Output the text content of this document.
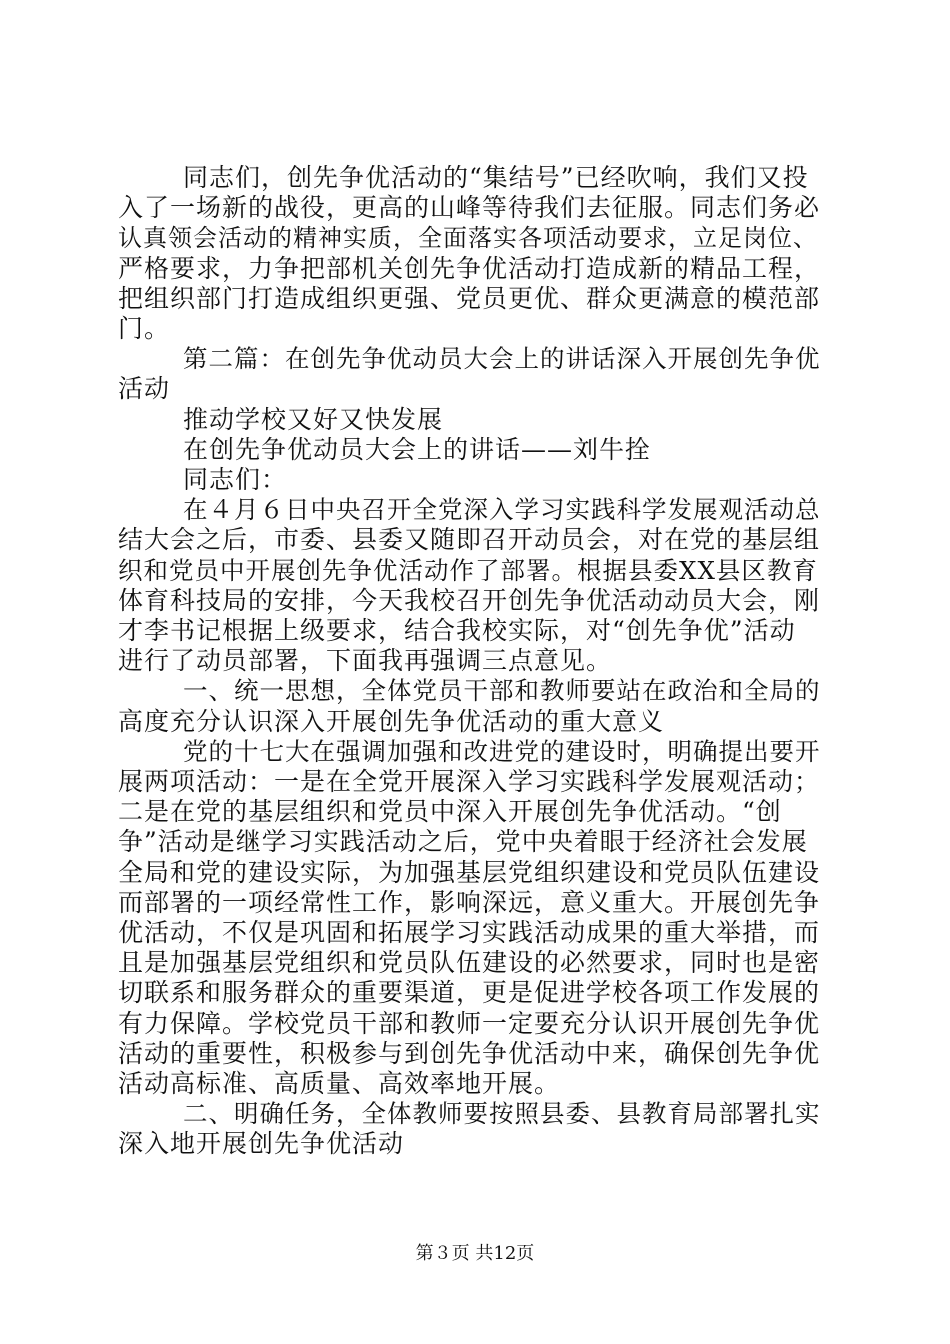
第３页 共12页
同志们，创先争优活动的“集结号”已经吹响，我们又投
入了一场新的战役，更高的山峰等待我们去征服。同志们务必
认真领会活动的精神实质，全面落实各项活动要求，立足岗位、
严格要求，力争把部机关创先争优活动打造成新的精品工程，
把组织部门打造成组织更强、党员更优、群众更满意的模范部
门。
第二篇：在创先争优动员大会上的讲话深入开展创先争优
活动
推动学校又好又快发展
在创先争优动员大会上的讲话——刘牛拴
同志们：
在４月６日中央召开全党深入学习实践科学发展观活动总
结大会之后，市委、县委又随即召开动员会，对在党的基层组
织和党员中开展创先争优活动作了部署。根据县委XX县区教育
体育科技局的安排，今天我校召开创先争优活动动员大会，刚
才李书记根据上级要求，结合我校实际，对“创先争优”活动
进行了动员部署，下面我再强调三点意见。
一、统一思想，全体党员干部和教师要站在政治和全局的
高度充分认识深入开展创先争优活动的重大意义
党的十七大在强调加强和改进党的建设时，明确提出要开
展两项活动：一是在全党开展深入学习实践科学发展观活动；
二是在党的基层组织和党员中深入开展创先争优活动。“创
争”活动是继学习实践活动之后，党中央着眼于经济社会发展
全局和党的建设实际，为加强基层党组织建设和党员队伍建设
而部署的一项经常性工作，影响深远，意义重大。开展创先争
优活动，不仅是巩固和拓展学习实践活动成果的重大举措，而
且是加强基层党组织和党员队伍建设的必然要求，同时也是密
切联系和服务群众的重要渠道，更是促进学校各项工作发展的
有力保障。学校党员干部和教师一定要充分认识开展创先争优
活动的重要性，积极参与到创先争优活动中来，确保创先争优
活动高标准、高质量、高效率地开展。
二、明确任务，全体教师要按照县委、县教育局部署扎实
深入地开展创先争优活动
